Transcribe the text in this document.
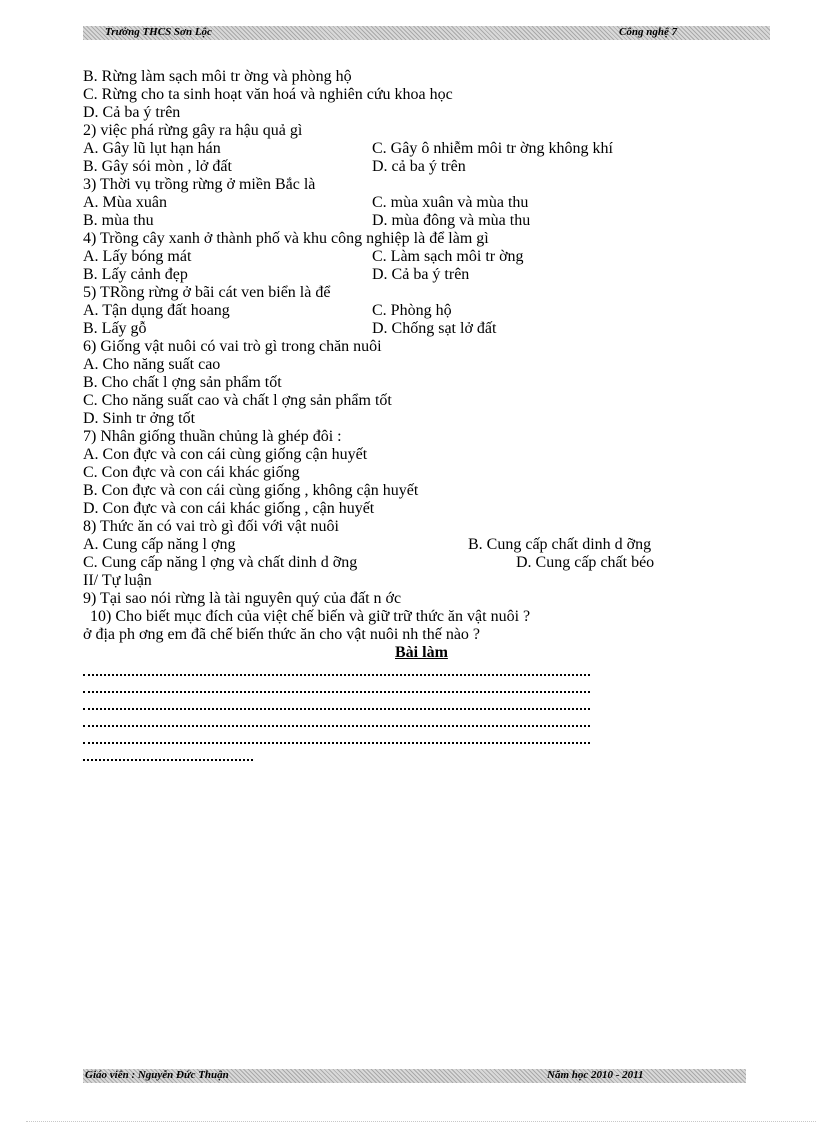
Trường THCS Sơn Lộc	Công nghệ 7
B. Rừng làm sạch môi tr ờng và phòng hộ
C. Rừng cho ta sinh hoạt văn hoá và nghiên cứu khoa học
D. Cả ba ý trên
2) việc phá rừng gây ra hậu quả gì
A. Gây lũ lụt hạn hán	C. Gây ô nhiễm môi tr ờng không khí
B. Gây sói mòn , lở đất	D. cả ba ý trên
3) Thời vụ trồng rừng ở miền Bắc là
A. Mùa xuân	C. mùa xuân và mùa thu
B. mùa thu	D. mùa đông và mùa thu
4) Trồng cây xanh ở thành phố và khu công nghiệp là để làm gì
A. Lấy bóng mát	C. Làm sạch môi tr ờng
B. Lấy cảnh đẹp	D. Cả ba ý trên
5) TRồng rừng ở bãi cát ven biển là để
A. Tận dụng đất hoang	C. Phòng hộ
B. Lấy gỗ	D. Chống sạt lở đất
6) Giống vật nuôi có vai trò gì trong chăn nuôi
A. Cho năng suất cao
B. Cho chất l ợng sản phẩm tốt
C. Cho năng suất cao và chất l ợng sản phẩm tốt
D. Sinh tr ởng tốt
7) Nhân giống thuần chủng là ghép đôi :
A. Con đực và con cái cùng giống cận huyết
C. Con đực và con cái khác giống
B. Con đực và con cái cùng giống , không cận huyết
D. Con đực và con cái khác giống , cận huyết
8) Thức ăn có vai trò gì đối với vật nuôi
A. Cung cấp năng l ợng	B. Cung cấp chất dinh d ỡng
C. Cung cấp năng l ợng và chất dinh d ỡng	D. Cung cấp chất béo
II/ Tự luận
9) Tại sao nói rừng là tài nguyên quý của đất n ớc
10) Cho biết mục đích của việt chế biến và giữ trữ thức ăn vật nuôi ?
ở địa ph ơng em đã chế biến thức ăn cho vật nuôi nh thế nào ?
Bài làm
Giáo viên : Nguyễn Đức Thuận	Năm học 2010 - 2011
